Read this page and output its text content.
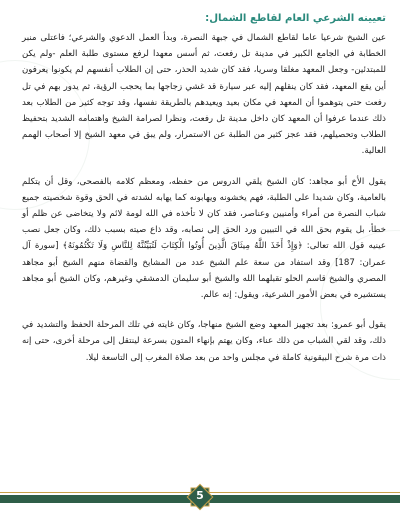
تعيينه الشرعي العام لقاطع الشمال:

عين الشيخ شرعيا عاما لقاطع الشمال في جبهة النصرة، وبدأ العمل الدعوي والشرعي؛ فاعتلى منبر الخطابة في الجامع الكبير في مدينة تل رفعت، ثم أسس معهدا لرفع مستوى طلبة العلم -ولم يكن للمبتدئين- وجعل المعهد مغلقا وسريا، فقد كان شديد الحذر، حتى إن الطلاب أنفسهم لم يكونوا يعرفون أين يقع المعهد، فقد كان ينقلهم إليه عبر سيارة قد غشي زجاجها بما يحجب الرؤية، ثم يدور بهم في تل رفعت حتى يتوهموا أن المعهد في مكان بعيد ويعيدهم بالطريقة نفسها، وقد توجه كثير من الطلاب بعد ذلك عندما عرفوا أن المعهد كان داخل مدينة تل رفعت، ونظرا لصرامة الشيخ واهتمامه الشديد بتحفيظ الطلاب وتحصيلهم، فقد عجز كثير من الطلبة عن الاستمرار، ولم يبق في معهد الشيخ إلا أصحاب الهمم العالية.

يقول الأخ أبو مجاهد: كان الشيخ يلقي الدروس من حفظه، ومعظم كلامه بالفصحى، وقل أن يتكلم بالعامية، وكان شديدا على الطلبة، فهم يخشونه ويهابونه كما يهابه لشدته في الحق وقوة شخصيته جميع شباب النصرة من أمراء وأمنيين وعناصر، فقد كان لا تأخذه في الله لومة لائم ولا يتخاضى عن ظلم أو خطأ، بل يقوم بحق الله في التبيين ورد الحق إلى نصابه، وقد ذاع صيته بسبب ذلك، وكان جعل نصب عينيه قول الله تعالى: ﴿وَإِذْ أَخَذَ اللَّهُ مِيثَاقَ الَّذِينَ أُوتُوا الْكِتَابَ لَتُبَيِّنُنَّهُ لِلنَّاسِ وَلَا تَكْتُمُونَهُ﴾ [سورة آل عمران: 187] وقد استفاد من سعة علم الشيخ عدد من المشايخ والقضاة منهم الشيخ أبو مجاهد المصري والشيخ قاسم الحلو تقبلهما الله والشيخ أبو سليمان الدمشقي وغيرهم، وكان الشيخ أبو مجاهد يستشيره في بعض الأمور الشرعية، ويقول: إنه عالم.

يقول أبو عمرو: بعد تجهيز المعهد وضع الشيخ منهاجا، وكان غايته في تلك المرحلة الحفظ والتشديد في ذلك، وقد لقي الشباب من ذلك عناء، وكان يهتم بإنهاء المتون بسرعة لينتقل إلى مرحلة أخرى، حتى إنه ذات مرة شرح البيقونية كاملة في مجلس واحد من بعد صلاة المغرب إلى التاسعة ليلا.

5
